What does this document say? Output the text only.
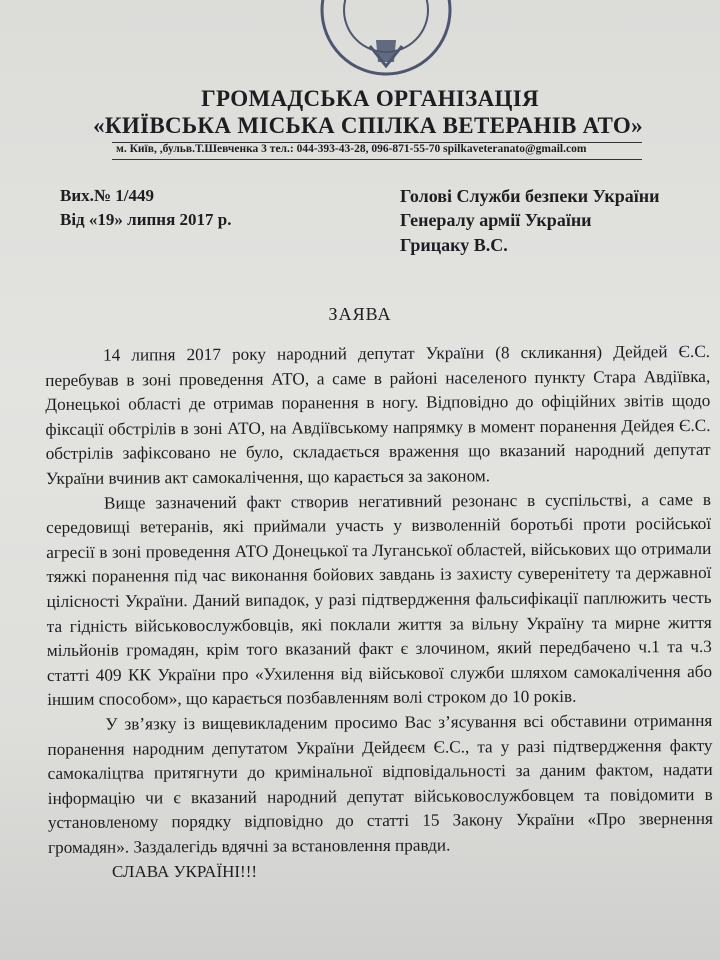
ГРОМАДСЬКА ОРГАНІЗАЦІЯ
«КИЇВСЬКА МІСЬКА СПІЛКА ВЕТЕРАНІВ АТО»
м. Київ, ,бульв.Т.Шевченка 3 тел.: 044-393-43-28, 096-871-55-70 spilkaveteranato@gmail.com
Вих.№ 1/449
Від «19» липня 2017 р.
Голові Служби безпеки України
Генералу армії України
Грицаку В.С.
ЗАЯВА

14 липня 2017 року народний депутат України (8 скликання) Дейдей Є.С. перебував в зоні проведення АТО, а саме в районі населеного пункту Стара Авдіївка, Донецькоі області де отримав поранення в ногу. Відповідно до офіційних звітів щодо фіксації обстрілів в зоні АТО, на Авдіївському напрямку в момент поранення Дейдея Є.С. обстрілів зафіксовано не було, складається враження що вказаний народний депутат України вчинив акт самокалічення, що карається за законом.

Вище зазначений факт створив негативний резонанс в суспільстві, а саме в середовищі ветеранів, які приймали участь у визволенній боротьбі проти російської агресії в зоні проведення АТО Донецької та Луганської областей, військових що отримали тяжкі поранення під час виконання бойових завдань із захисту суверенітету та державної цілісності України. Даний випадок, у разі підтвердження фальсифікації паплюжить честь та гідність військовослужбовців, які поклали життя за вільну Україну та мирне життя мільйонів громадян, крім того вказаний факт є злочином, який передбачено ч.1 та ч.3 статті 409 КК України про «Ухилення від військової служби шляхом самокалічення або іншим способом», що карається позбавленням волі строком до 10 років.

У зв’язку із вищевикладеним просимо Вас з’ясування всі обставини отримання поранення народним депутатом України Дейдеєм Є.С., та у разі підтвердження факту самокаліцтва притягнути до кримінальної відповідальності за даним фактом, надати інформацію чи є вказаний народний депутат військовослужбовцем та повідомити в установленому порядку відповідно до статті 15 Закону України «Про звернення громадян». Заздалегідь вдячні за встановлення правди.

СЛАВА УКРАЇНІ!!!
